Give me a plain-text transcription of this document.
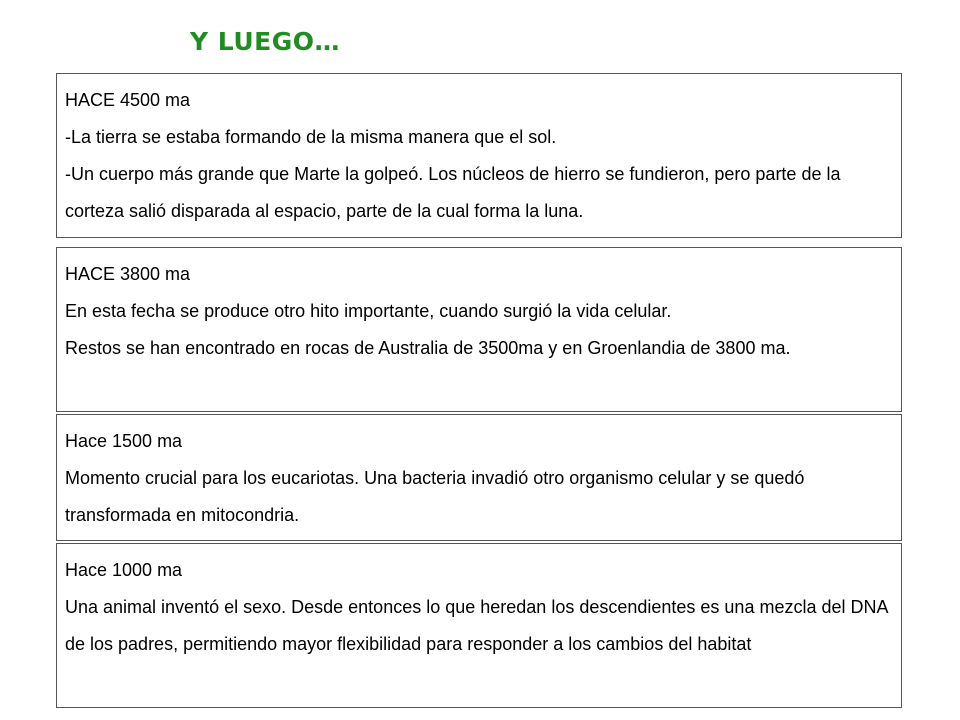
Y LUEGO…

HACE 4500 ma

-La tierra se estaba formando de la misma manera que el sol.

-Un cuerpo más grande que Marte la golpeó. Los núcleos de hierro se fundieron, pero parte de la corteza salió disparada al espacio, parte de la cual forma la luna.

HACE 3800 ma

En esta fecha se produce otro hito importante, cuando surgió la vida celular.

Restos se han encontrado en rocas de Australia de 3500ma y en Groenlandia de 3800 ma.

Hace 1500 ma

Momento crucial para los eucariotas. Una bacteria invadió otro organismo celular y se quedó transformada en mitocondria.

Hace 1000 ma

Una animal inventó el sexo. Desde entonces lo que heredan los descendientes es una mezcla del DNA de los padres, permitiendo mayor flexibilidad para responder a los cambios del habitat
